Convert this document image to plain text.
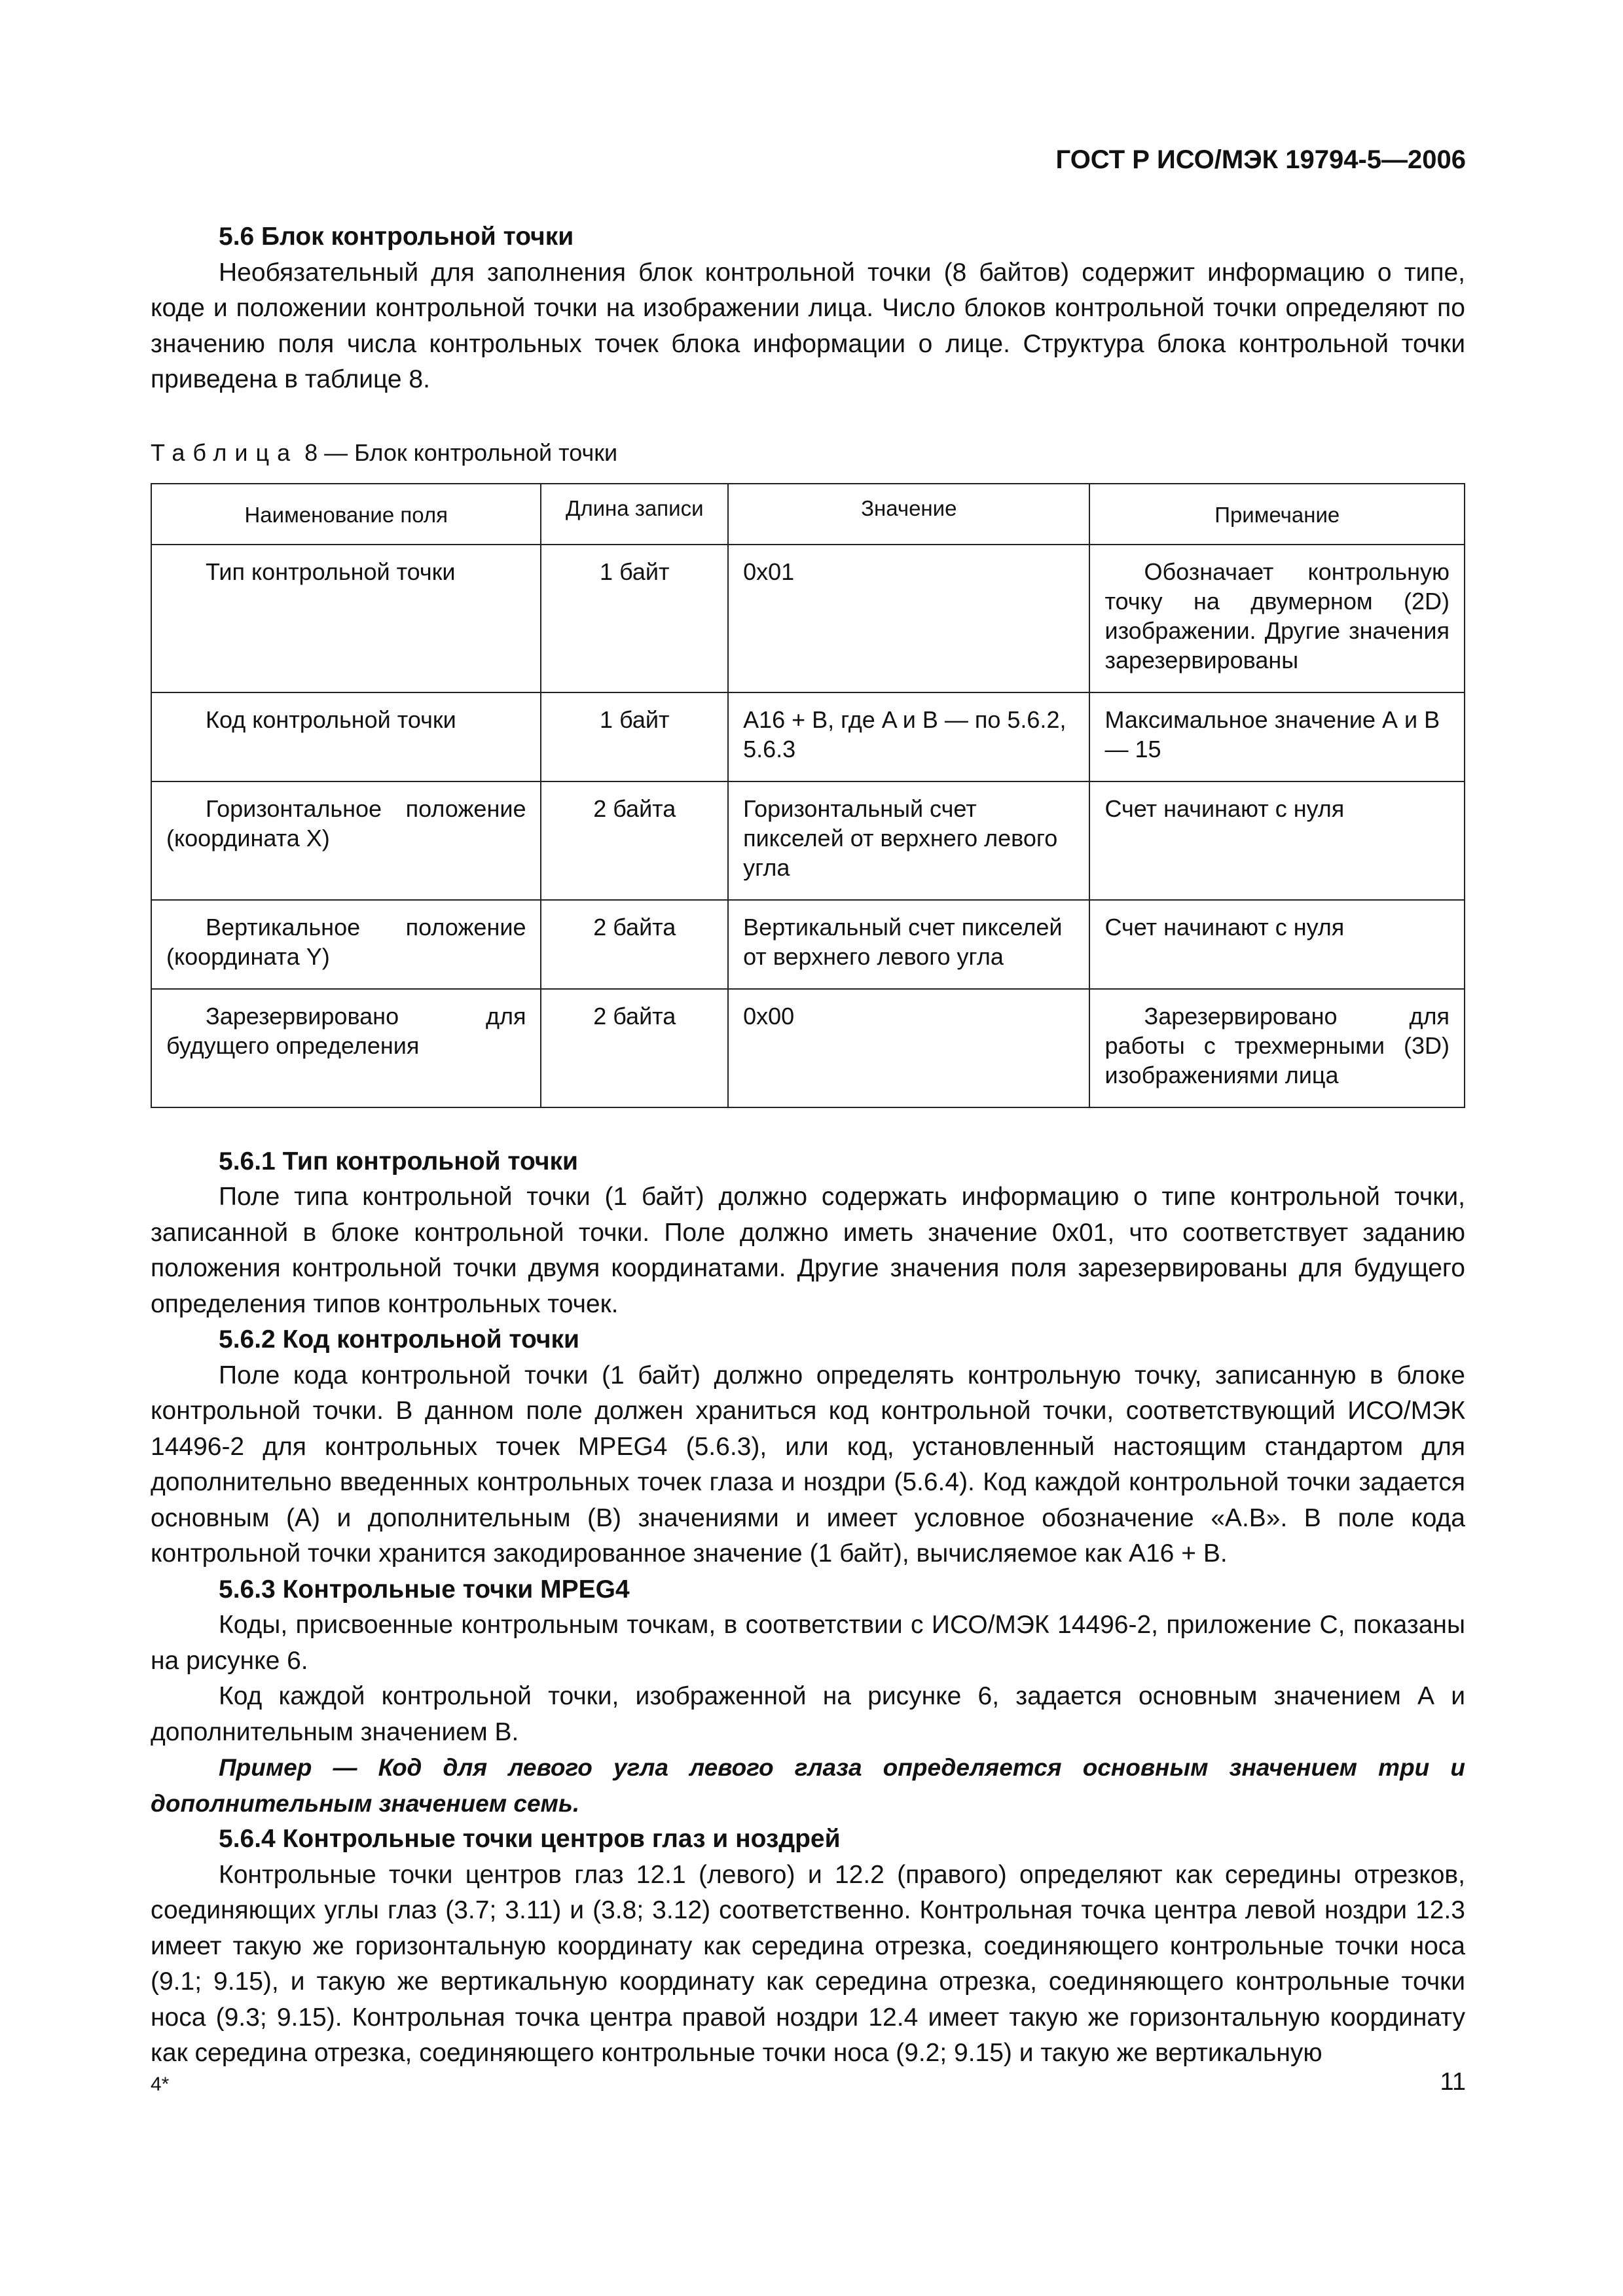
ГОСТ Р ИСО/МЭК 19794-5—2006
5.6 Блок контрольной точки

Необязательный для заполнения блок контрольной точки (8 байтов) содержит информацию о типе, коде и положении контрольной точки на изображении лица. Число блоков контрольной точки определяют по значению поля числа контрольных точек блока информации о лице. Структура блока контрольной точки приведена в таблице 8.

Таблица 8 — Блок контрольной точки
Наименование поля	Длина записи	Значение	Примечание

Тип контрольной точки	1 байт	0x01	Обозначает контрольную точку на двумерном (2D) изображении. Другие значения зарезервированы
Код контрольной точки	1 байт	A16 + B, где A и B — по 5.6.2, 5.6.3	Максимальное значение А и В — 15
Горизонтальное положение (координата X)	2 байта	Горизонтальный счет пикселей от верхнего левого угла	Счет начинают с нуля
Вертикальное положение (координата Y)	2 байта	Вертикальный счет пикселей от верхнего левого угла	Счет начинают с нуля
Зарезервировано для будущего определения	2 байта	0x00	Зарезервировано для работы с трехмерными (3D) изображениями лица
5.6.1 Тип контрольной точки

Поле типа контрольной точки (1 байт) должно содержать информацию о типе контрольной точки, записанной в блоке контрольной точки. Поле должно иметь значение 0x01, что соответствует заданию положения контрольной точки двумя координатами. Другие значения поля зарезервированы для будущего определения типов контрольных точек.

5.6.2 Код контрольной точки

Поле кода контрольной точки (1 байт) должно определять контрольную точку, записанную в блоке контрольной точки. В данном поле должен храниться код контрольной точки, соответствующий ИСО/МЭК 14496-2 для контрольных точек MPEG4 (5.6.3), или код, установленный настоящим стандартом для дополнительно введенных контрольных точек глаза и ноздри (5.6.4). Код каждой контрольной точки задается основным (A) и дополнительным (B) значениями и имеет условное обозначение «A.B». В поле кода контрольной точки хранится закодированное значение (1 байт), вычисляемое как A16 + B.

5.6.3 Контрольные точки MPEG4

Коды, присвоенные контрольным точкам, в соответствии с ИСО/МЭК 14496-2, приложение С, показаны на рисунке 6.

Код каждой контрольной точки, изображенной на рисунке 6, задается основным значением А и дополнительным значением В.

Пример — Код для левого угла левого глаза определяется основным значением три и дополнительным значением семь.

5.6.4 Контрольные точки центров глаз и ноздрей

Контрольные точки центров глаз 12.1 (левого) и 12.2 (правого) определяют как середины отрезков, соединяющих углы глаз (3.7; 3.11) и (3.8; 3.12) соответственно. Контрольная точка центра левой ноздри 12.3 имеет такую же горизонтальную координату как середина отрезка, соединяющего контрольные точки носа (9.1; 9.15), и такую же вертикальную координату как середина отрезка, соединяющего контрольные точки носа (9.3; 9.15). Контрольная точка центра правой ноздри 12.4 имеет такую же горизонтальную координату как середина отрезка, соединяющего контрольные точки носа (9.2; 9.15) и такую же вертикальную

4*	11
